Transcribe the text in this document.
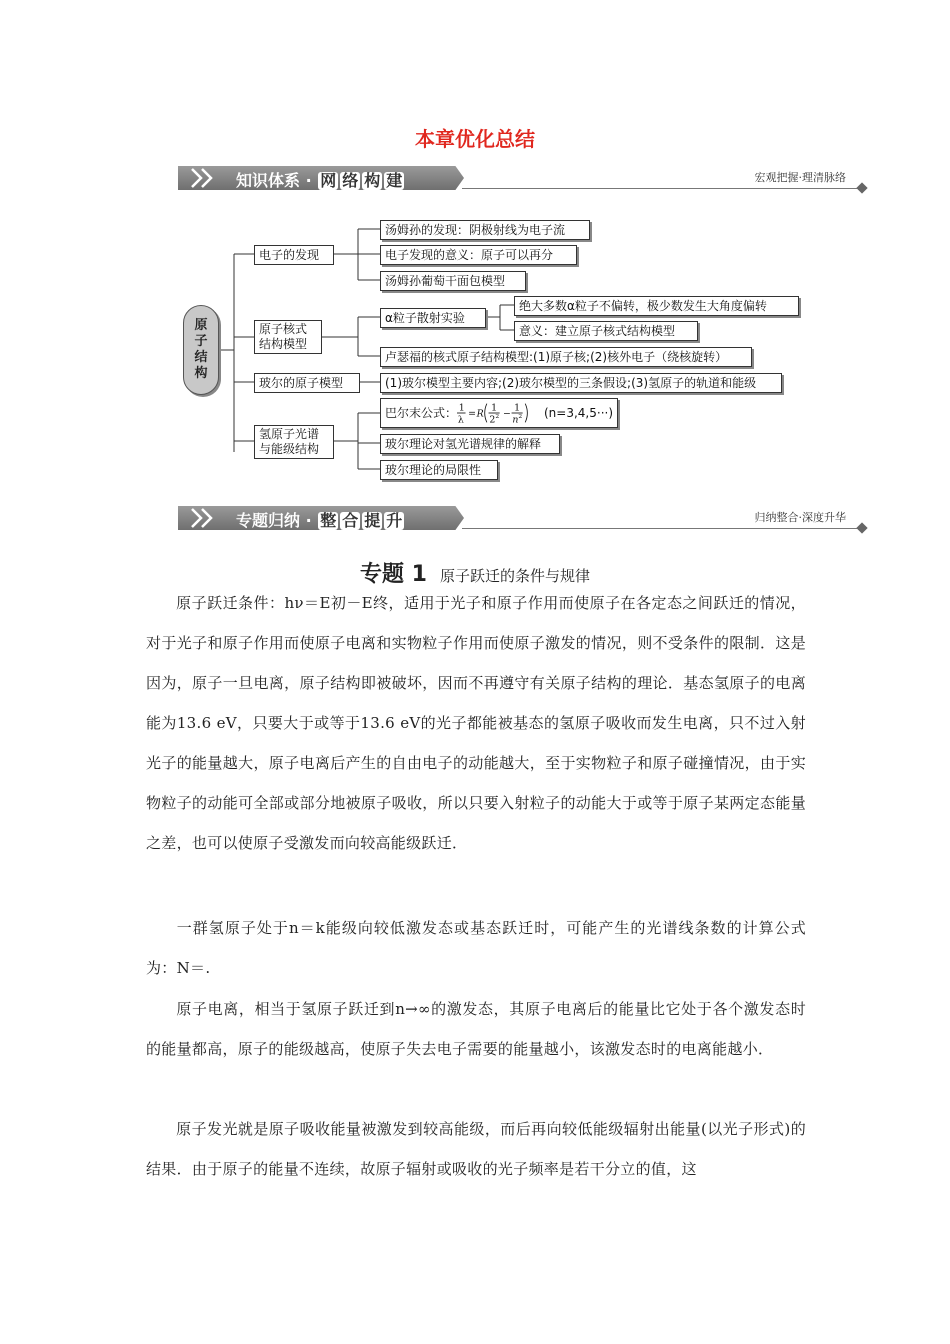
本章优化总结
知识体系 · 网 络 构 建	宏观把握·理清脉络
原子结构
电子的发现
汤姆孙的发现：阴极射线为电子流
电子发现的意义：原子可以再分
汤姆孙葡萄干面包模型
原子核式
结构模型
α粒子散射实验
绝大多数α粒子不偏转，极少数发生大角度偏转
意义：建立原子核式结构模型
卢瑟福的核式原子结构模型:(1)原子核;(2)核外电子（绕核旋转）
玻尔的原子模型	(1)玻尔模型主要内容;(2)玻尔模型的三条假设;(3)氢原子的轨道和能级
氢原子光谱
与能级结构
巴尔末公式： 1
λ
= R
1
2 2 −
1
n 2 (n=3,4,5···)
玻尔理论对氢光谱规律的解释
玻尔理论的局限性
专题归纳 · 整 合 提 升	归纳整合·深度升华
专题 1 原子跃迁的条件与规律

原子跃迁条件：hν＝E初－E终，适用于光子和原子作用而使原子在各定态之间跃迁的情况，对于光子和原子作用而使原子电离和实物粒子作用而使原子激发的情况，则不受条件的限制．这是因为，原子一旦电离，原子结构即被破坏，因而不再遵守有关原子结构的理论．基态氢原子的电离能为13.6 eV，只要大于或等于13.6 eV的光子都能被基态的氢原子吸收而发生电离，只不过入射光子的能量越大，原子电离后产生的自由电子的动能越大，至于实物粒子和原子碰撞情况，由于实物粒子的动能可全部或部分地被原子吸收，所以只要入射粒子的动能大于或等于原子某两定态能量之差，也可以使原子受激发而向较高能级跃迁．

一群氢原子处于n＝k能级向较低激发态或基态跃迁时，可能产生的光谱线条数的计算公式为：N＝.

原子电离，相当于氢原子跃迁到n→∞的激发态，其原子电离后的能量比它处于各个激发态时的能量都高，原子的能级越高，使原子失去电子需要的能量越小，该激发态时的电离能越小．

原子发光就是原子吸收能量被激发到较高能级，而后再向较低能级辐射出能量(以光子形式)的结果．由于原子的能量不连续，故原子辐射或吸收的光子频率是若干分立的值，这
